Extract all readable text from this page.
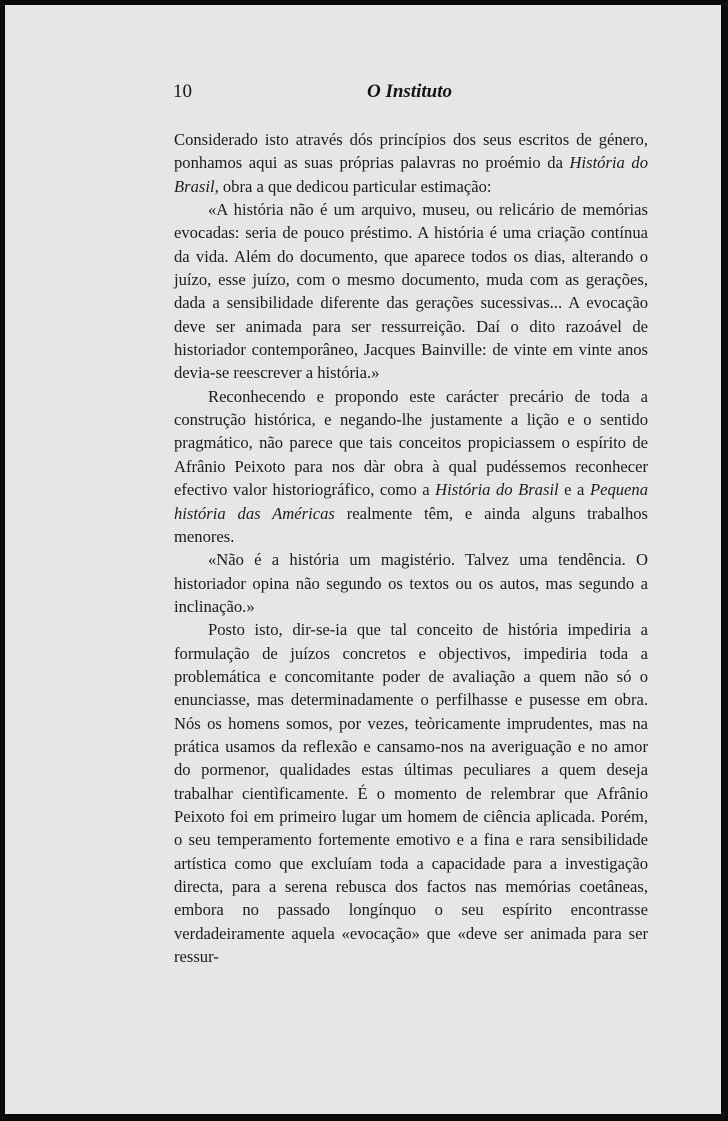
10	O Instituto

Considerado isto através dós princípios dos seus escritos de género, ponhamos aqui as suas próprias palavras no proémio da História do Brasil, obra a que dedicou particular estimação:

«A história não é um arquivo, museu, ou relicário de memórias evocadas: seria de pouco préstimo. A história é uma criação contínua da vida. Além do documento, que aparece todos os dias, alterando o juízo, esse juízo, com o mesmo documento, muda com as gerações, dada a sensibilidade diferente das gerações sucessivas... A evocação deve ser animada para ser ressurreição. Daí o dito razoável de historiador contemporâneo, Jacques Bainville: de vinte em vinte anos devia-se reescrever a história.»

Reconhecendo e propondo este carácter precário de toda a construção histórica, e negando-lhe justamente a lição e o sentido pragmático, não parece que tais conceitos propiciassem o espírito de Afrânio Peixoto para nos dàr obra à qual pudéssemos reconhecer efectivo valor historiográfico, como a História do Brasil e a Pequena história das Américas realmente têm, e ainda alguns trabalhos menores.

«Não é a história um magistério. Talvez uma tendência. O historiador opina não segundo os textos ou os autos, mas segundo a inclinação.»

Posto isto, dir-se-ia que tal conceito de história impediria a formulação de juízos concretos e objectivos, impediria toda a problemática e concomitante poder de avaliação a quem não só o enunciasse, mas determinadamente o perfilhasse e pusesse em obra. Nós os homens somos, por vezes, teòricamente imprudentes, mas na prática usamos da reflexão e cansamo-nos na averiguação e no amor do pormenor, qualidades estas últimas peculiares a quem deseja trabalhar cientìficamente. É o momento de relembrar que Afrânio Peixoto foi em primeiro lugar um homem de ciência aplicada. Porém, o seu temperamento fortemente emotivo e a fina e rara sensibilidade artística como que excluíam toda a capacidade para a investigação directa, para a serena rebusca dos factos nas memórias coetâneas, embora no passado longínquo o seu espírito encontrasse verdadeiramente aquela «evocação» que «deve ser animada para ser ressur-
